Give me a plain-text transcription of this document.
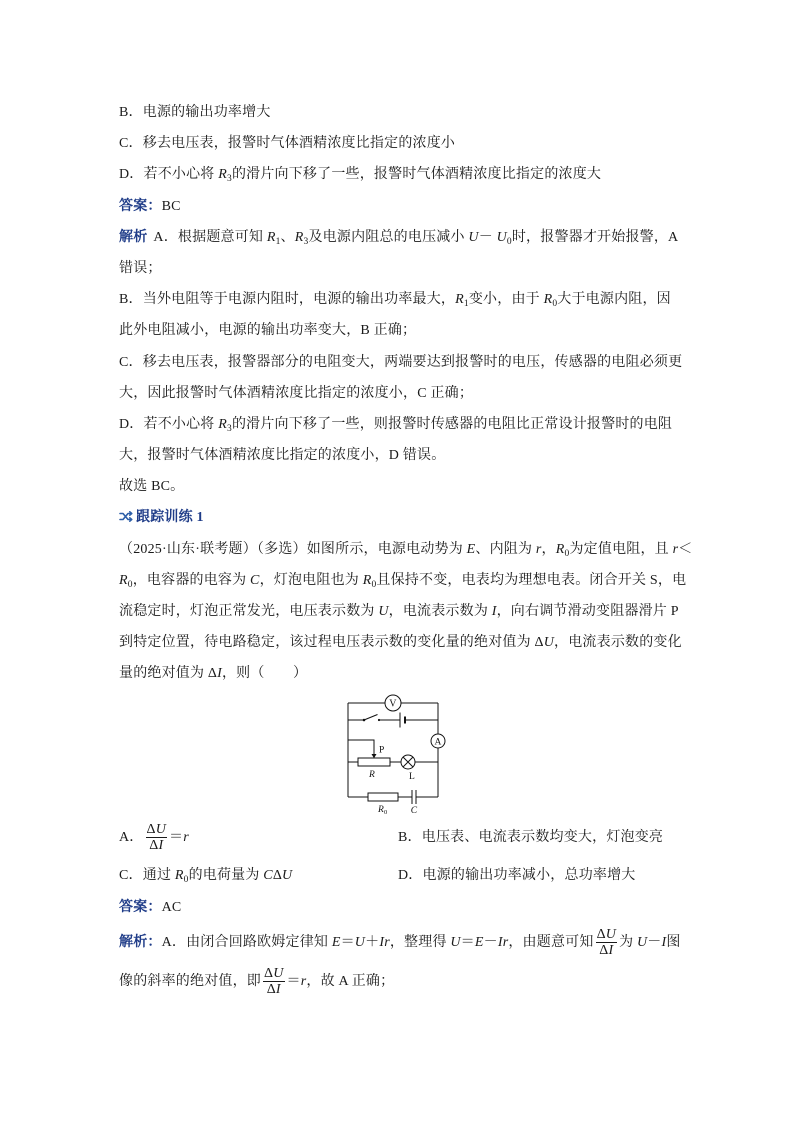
B．电源的输出功率增大
C．移去电压表，报警时气体酒精浓度比指定的浓度小
D．若不小心将 $R_3$的滑片向下移了一些，报警时气体酒精浓度比指定的浓度大
答案：BC
解析 A．根据题意可知 $R_1$、$R_3$及电源内阻总的电压减小 $U- U_0$时，报警器才开始报警，A
错误；
B．当外电阻等于电源内阻时，电源的输出功率最大，$R_1$变小，由于 $R_0$大于电源内阻，因
此外电阻减小，电源的输出功率变大，B 正确；
C．移去电压表，报警器部分的电阻变大，两端要达到报警时的电压，传感器的电阻必须更
大，因此报警时气体酒精浓度比指定的浓度小，C 正确；
D．若不小心将 $R_3$的滑片向下移了一些，则报警时传感器的电阻比正常设计报警时的电阻
大，报警时气体酒精浓度比指定的浓度小，D 错误。
故选 BC。
跟踪训练 1
（2025·山东·联考题）（多选）如图所示，电源电动势为 E、内阻为 r，$R_0$为定值电阻，且 r＜
$R_0$，电容器的电容为 C，灯泡电阻也为 $R_0$且保持不变，电表均为理想电表。闭合开关 S，电
流稳定时，灯泡正常发光，电压表示数为 U，电流表示数为 I，向右调节滑动变阻器滑片 P
到特定位置，待电路稳定，该过程电压表示数的变化量的绝对值为 ΔU，电流表示数的变化
量的绝对值为 ΔI，则（　　）
V
A
P
R	L
$R_0$ C
A． $\frac{\Delta U}{\Delta I} =r$	B．电压表、电流表示数均变大，灯泡变亮
C．通过 $R_0$的电荷量为 CΔU	D．电源的输出功率减小，总功率增大
答案：AC
解析：A．由闭合回路欧姆定律知 E＝U＋Ir，整理得 U＝E－Ir，由题意可知 $\frac{\Delta U}{\Delta I}$ 为 U－I图
像的斜率的绝对值，即 $\frac{\Delta U}{\Delta I} =r$，故 A 正确；
